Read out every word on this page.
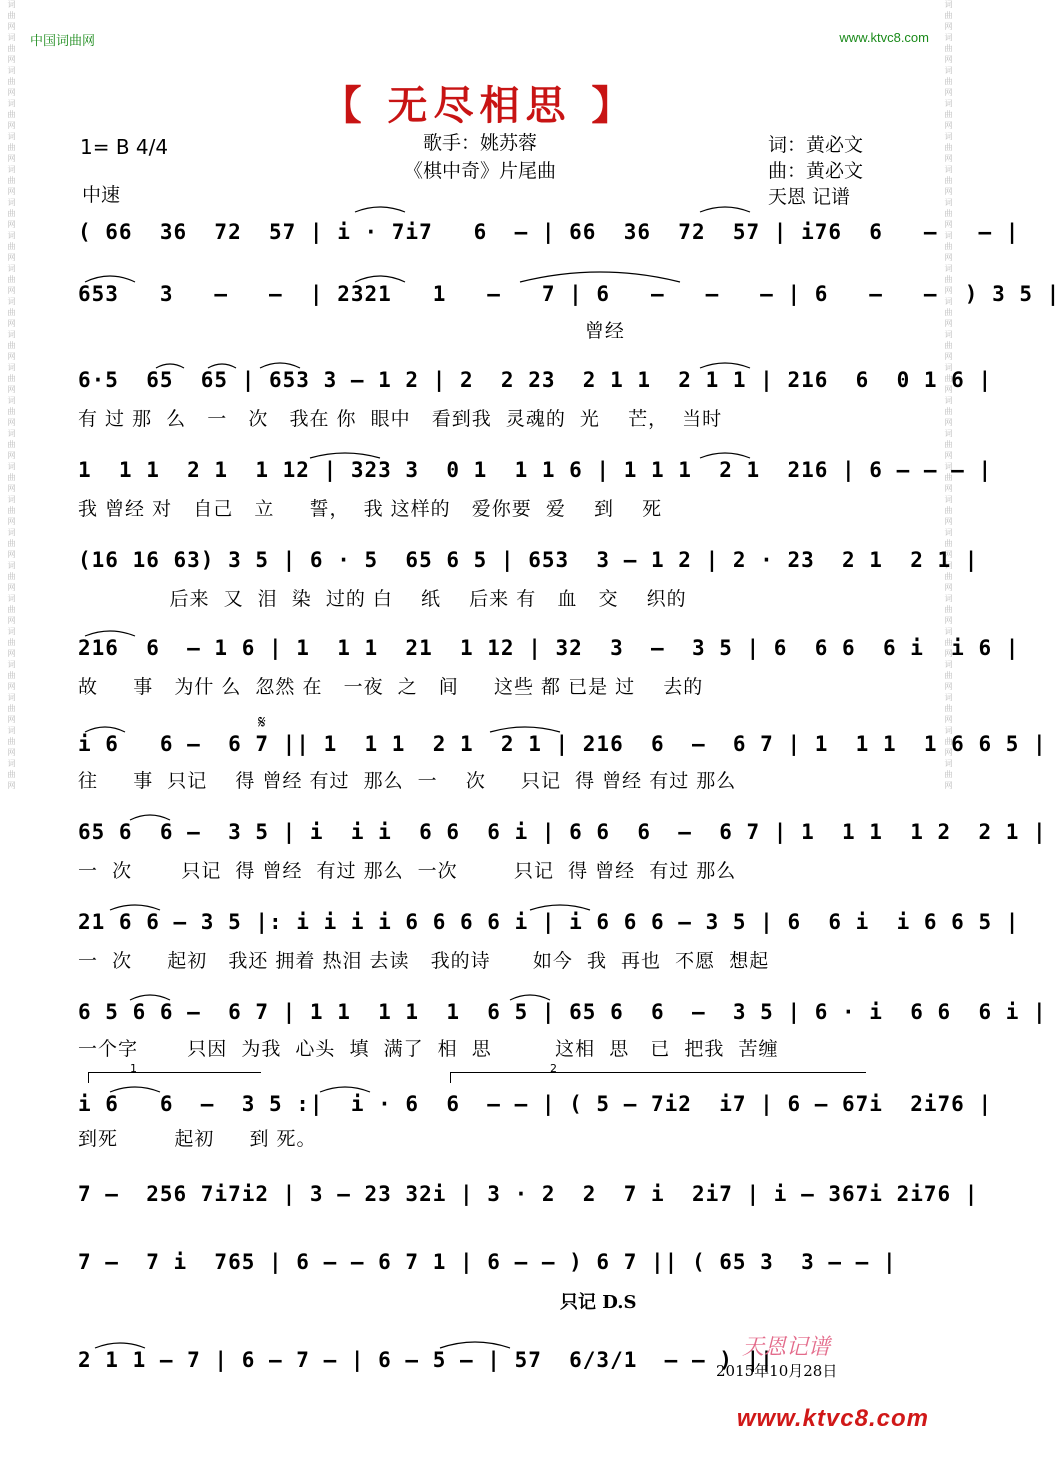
词曲网词曲网词曲网词曲网词曲网词曲网词曲网词曲网词曲网词曲网词曲网词曲网词曲网词曲网词曲网词曲网词曲网词曲网词曲网词曲网词曲网词曲网词曲网词曲网	词曲网词曲网词曲网词曲网词曲网词曲网词曲网词曲网词曲网词曲网词曲网词曲网词曲网词曲网词曲网词曲网词曲网词曲网词曲网词曲网词曲网词曲网词曲网词曲网
中国词曲网	www.ktvc8.com
【 无尽相思 】
1= B 4/4
中速
歌手：姚苏蓉
《棋中奇》片尾曲
词：黄必文
曲：黄必文
天恩 记谱
( 66  36  72  57 | i · 7i7   6  – | 66  36  72  57 | i76  6   –   – |
653   3   –   –  | 2321   1   –   7 | 6   –   –   – | 6   –   –  ) 3 5 |
曾经
6·5  65  65 | 653 3 – 1 2 | 2  2 23  2 1 1  2 1 1 | 216  6  0 1 6 |
有 过 那  么   一   次   我在 你  眼中   看到我  灵魂的  光    芒，  当时
1  1 1  2 1  1 12 | 323 3  0 1  1 1 6 | 1 1 1  2 1  216 | 6 – – – |
我 曾经 对   自己   立     誓，  我 这样的   爱你要  爱    到    死
(16 16 63) 3 5 | 6 · 5  65 6 5 | 653  3 – 1 2 | 2 · 23  2 1  2 1 |
后来  又  泪  染  过的 白    纸    后来 有   血   交    织的
216  6  – 1 6 | 1  1 1  21  1 12 | 32  3  –  3 5 | 6  6 6  6 i  i 6 |
故     事   为什 么  忽然 在   一夜  之   间     这些 都 已是 过    去的
i 6   6 –  6 7 || 1  1 1  2 1  2 1 | 216  6  –  6 7 | 1  1 1  1 6 6 5 |
往     事  只记    得 曾经 有过  那么  一    次     只记  得 曾经 有过 那么
65 6  6 –  3 5 | i  i i  6 6  6 i | 6 6  6  –  6 7 | 1  1 1  1 2  2 1 |
一  次       只记  得 曾经  有过 那么  一次        只记  得 曾经  有过 那么
21 6 6 – 3 5 |: i i i i 6 6 6 6 i | i 6 6 6 – 3 5 | 6  6 i  i 6 6 5 |
一  次     起初   我还 拥着 热泪 去读   我的诗      如今  我  再也  不愿  想起
6 5 6 6 –  6 7 | 1 1  1 1  1  6 5 | 65 6  6  –  3 5 | 6 · i  6 6  6 i |
一个字       只因  为我  心头  填  满了  相  思         这相  思   已  把我  苦缠
i 6   6  –  3 5 :|  i · 6  6  – – | ( 5 – 7i2  i7 | 6 – 67i  2i76 |
到死        起初     到 死。
7 –  256 7i7i2 | 3 – 23 32i | 3 · 2  2  7 i  2i7 | i – 367i 2i76 |
7 –  7 i  765 | 6 – – 6 7 1 | 6 – – ) 6 7 || ( 65 3  3 – – |
2 1 1 – 7 | 6 – 7 – | 6 – 5 – | 57  6/3/1  – – ) ||
𝄋
1	2
只记 D.S
天恩记谱
2015年10月28日
www.ktvc8.com
